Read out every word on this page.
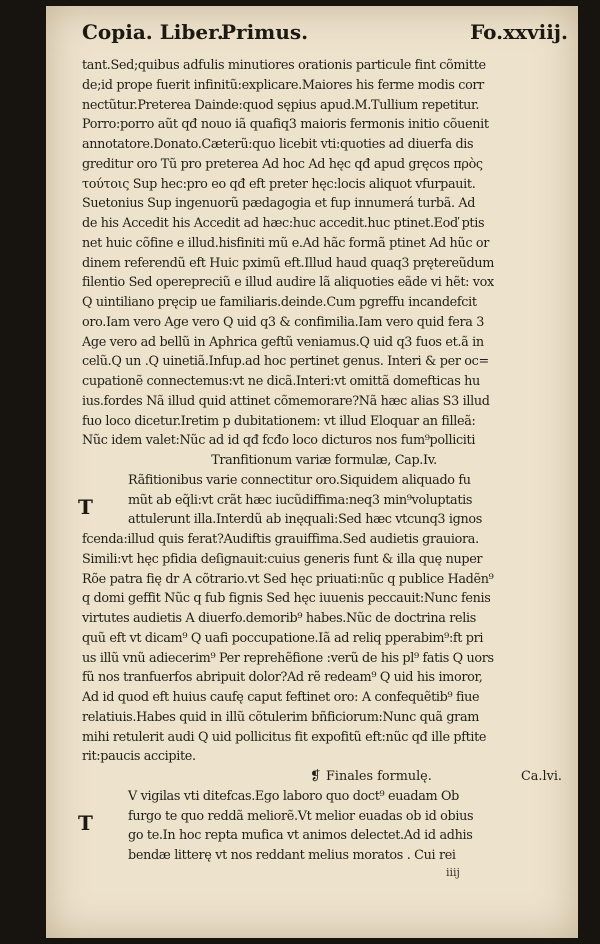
Copia. Liber.
Primus.	Fo.xxviij.
tant.Sed;quibus adfulis minutiores orationis particule fint cõmitte
de;id prope fuerit infinitũ:explicare.Maiores his ferme modis corr
nectũtur.Preterea Dainde:quod sępius apud.M.Tullium repetitur.
Porro:porro aũt qđ nouo iã quafiq3 maioris fermonis initio cõuenit
annotatore.Donato.Cæterũ:quo licebit vti:quoties ad diuerfa dis
greditur oro Tũ pro preterea Ad hoc Ad hęc qđ apud gręcos πρὸς
τούτοις Sup hec:pro eo qđ eft preter hęc:locis aliquot vfurpauit.
Suetonius Sup ingenuorũ pædagogia et fup innumerá turbã. Ad
de his Accedit his Accedit ad hæc:huc accedit.huc ptinet.Eoď ptis
net huic cõfine e illud.hisfiniti mũ e.Ad hãc formã ptinet Ad hũc or
dinem referendũ eft Huic pximũ eft.Illud haud quaq3 prętereũdum
filentio Sed operepreciũ e illud audire lã aliquoties eãde vi hẽt: vox
Q uintiliano pręcip ue familiaris.deinde.Cum pgreffu incandefcit
oro.Iam vero Age vero Q uid q3 & confimilia.Iam vero quid fera 3
Age vero ad bellũ in Aphrica geftũ veniamus.Q uid q3 fuos et.ã in
celũ.Q un .Q uinetiã.Infup.ad hoc pertinet genus. Interi & per oc=
cupationẽ connectemus:vt ne dicã.Interi:vt omittã domefticas hu
ius.fordes Nã illud quid attinet cõmemorare?Nã hæc alias S3 illud
fuo loco dicetur.Iretim p dubitationem: vt illud Eloquar an filleã:
Nũc idem valet:Nũc ad id qđ fcđo loco dicturos nos fum⁹polliciti
Tranfitionum variæ formulæ, Cap.Iv.
T
Rãfitionibus varie connectitur oro.Siquidem aliquado fu
mũt ab eq̃li:vt crãt hæc iucũdiffima:neq3 min⁹voluptatis
attulerunt illa.Interdũ ab inęquali:Sed hæc vtcunq3 ignos
fcenda:illud quis ferat?Audiftis grauiffima.Sed audietis grauiora.
Simili:vt hęc pfidia deſignauit:cuius generis funt & illa quę nuper
Rõe patra fię dr A cõtrario.vt Sed hęc priuati:nũc q publice Hadẽn⁹
q domi geffit Nũc q fub fignis Sed hęc iuuenis peccauit:Nunc fenis
virtutes audietis A diuerfo.demorib⁹ habes.Nũc de doctrina relis
quũ eft vt dicam⁹ Q uafi poccupatione.Iã ad reliq pperabim⁹:ft pri
us illũ vnũ adiecerim⁹ Per reprehẽfione :verũ de his pl⁹ fatis Q uors
fũ nos tranfuerfos abripuit dolor?Ad rẽ redeam⁹ Q uid his imoror,
Ad id quod eft huius caufę caput feftinet oro: A confequẽtib⁹ fiue
relatiuis.Habes quid in illũ cõtulerim bñficiorum:Nunc quã gram
mihi retulerit audi Q uid pollicitus fit expofitũ eft:nũc qđ ille pftite
rit:paucis accipite.
❡ Finales formulę.	Ca.lvi.
T
V vigilas vti ditefcas.Ego laboro quo doct⁹ euadam Ob
furgo te quo reddã meliorẽ.Vt melior euadas ob id obius
go te.In hoc repta mufica vt animos delectet.Ad id adhis
bendæ litterę vt nos reddant melius moratos . Cui rei
iiij
